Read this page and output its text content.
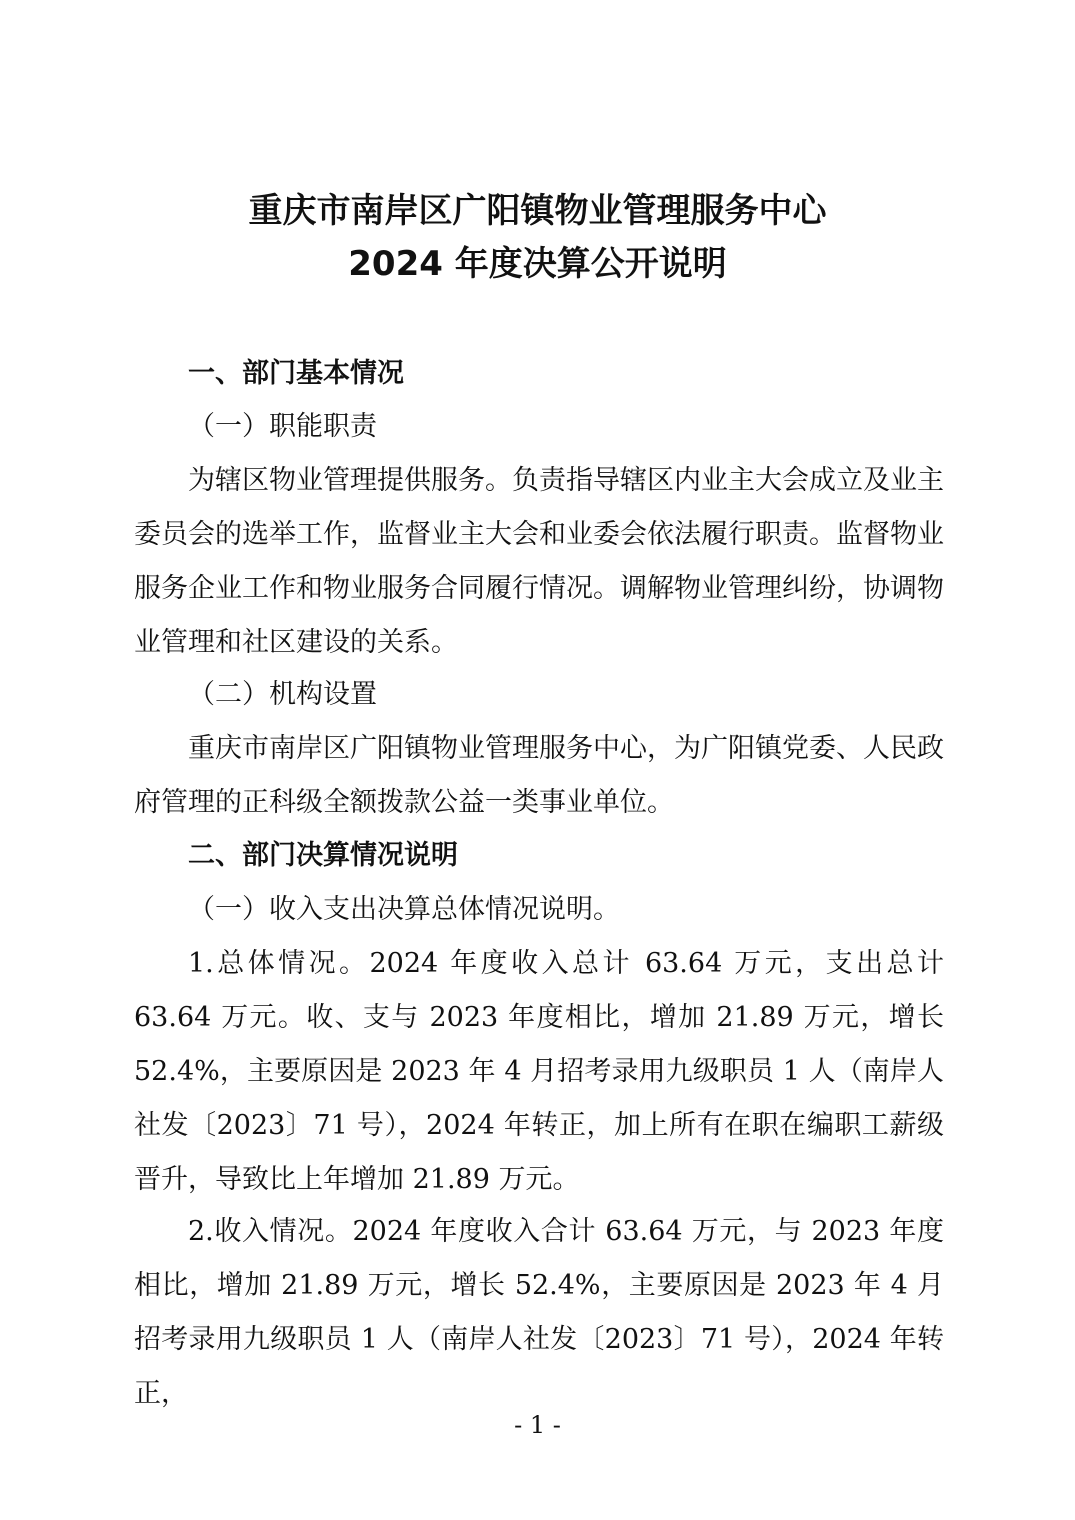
重庆市南岸区广阳镇物业管理服务中心
2024 年度决算公开说明
一、部门基本情况
（一）职能职责

为辖区物业管理提供服务。负责指导辖区内业主大会成立及业主委员会的选举工作，监督业主大会和业委会依法履行职责。监督物业服务企业工作和物业服务合同履行情况。调解物业管理纠纷，协调物业管理和社区建设的关系。

（二）机构设置

重庆市南岸区广阳镇物业管理服务中心，为广阳镇党委、人民政府管理的正科级全额拨款公益一类事业单位。

二、部门决算情况说明
（一）收入支出决算总体情况说明。

1.总体情况。2024 年度收入总计 63.64 万元，支出总计 63.64 万元。收、支与 2023 年度相比，增加 21.89 万元，增长 52.4%，主要原因是 2023 年 4 月招考录用九级职员 1 人（南岸人社发〔2023〕71 号），2024 年转正，加上所有在职在编职工薪级晋升，导致比上年增加 21.89 万元。

2.收入情况。2024 年度收入合计 63.64 万元，与 2023 年度相比，增加 21.89 万元，增长 52.4%，主要原因是 2023 年 4 月招考录用九级职员 1 人（南岸人社发〔2023〕71 号），2024 年转正，

- 1 -
